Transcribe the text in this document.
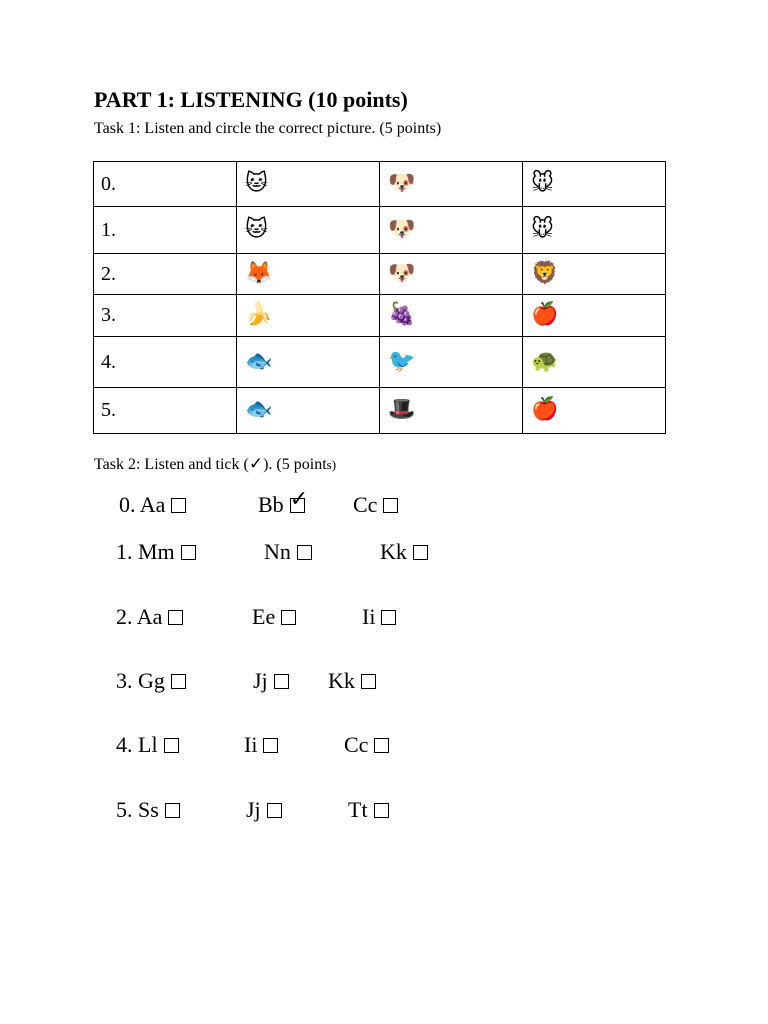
PART 1: LISTENING (10 points)
Task 1: Listen and circle the correct picture. (5 points)
0.	🐱	🐶	🐭
1.	🐱	🐶	🐭
2.	🦊	🐶	🦁
3.	🍌	🍇	🍎
4.	🐟	🐦	🐢
5.	🐟	🎩	🍎
Task 2: Listen and tick (✓). (5 points)
0. Aa	Bb ✓	Cc
1. Mm	Nn	Kk
2. Aa	Ee	Ii
3. Gg	Jj	Kk
4. Ll	Ii	Cc
5. Ss	Jj	Tt
